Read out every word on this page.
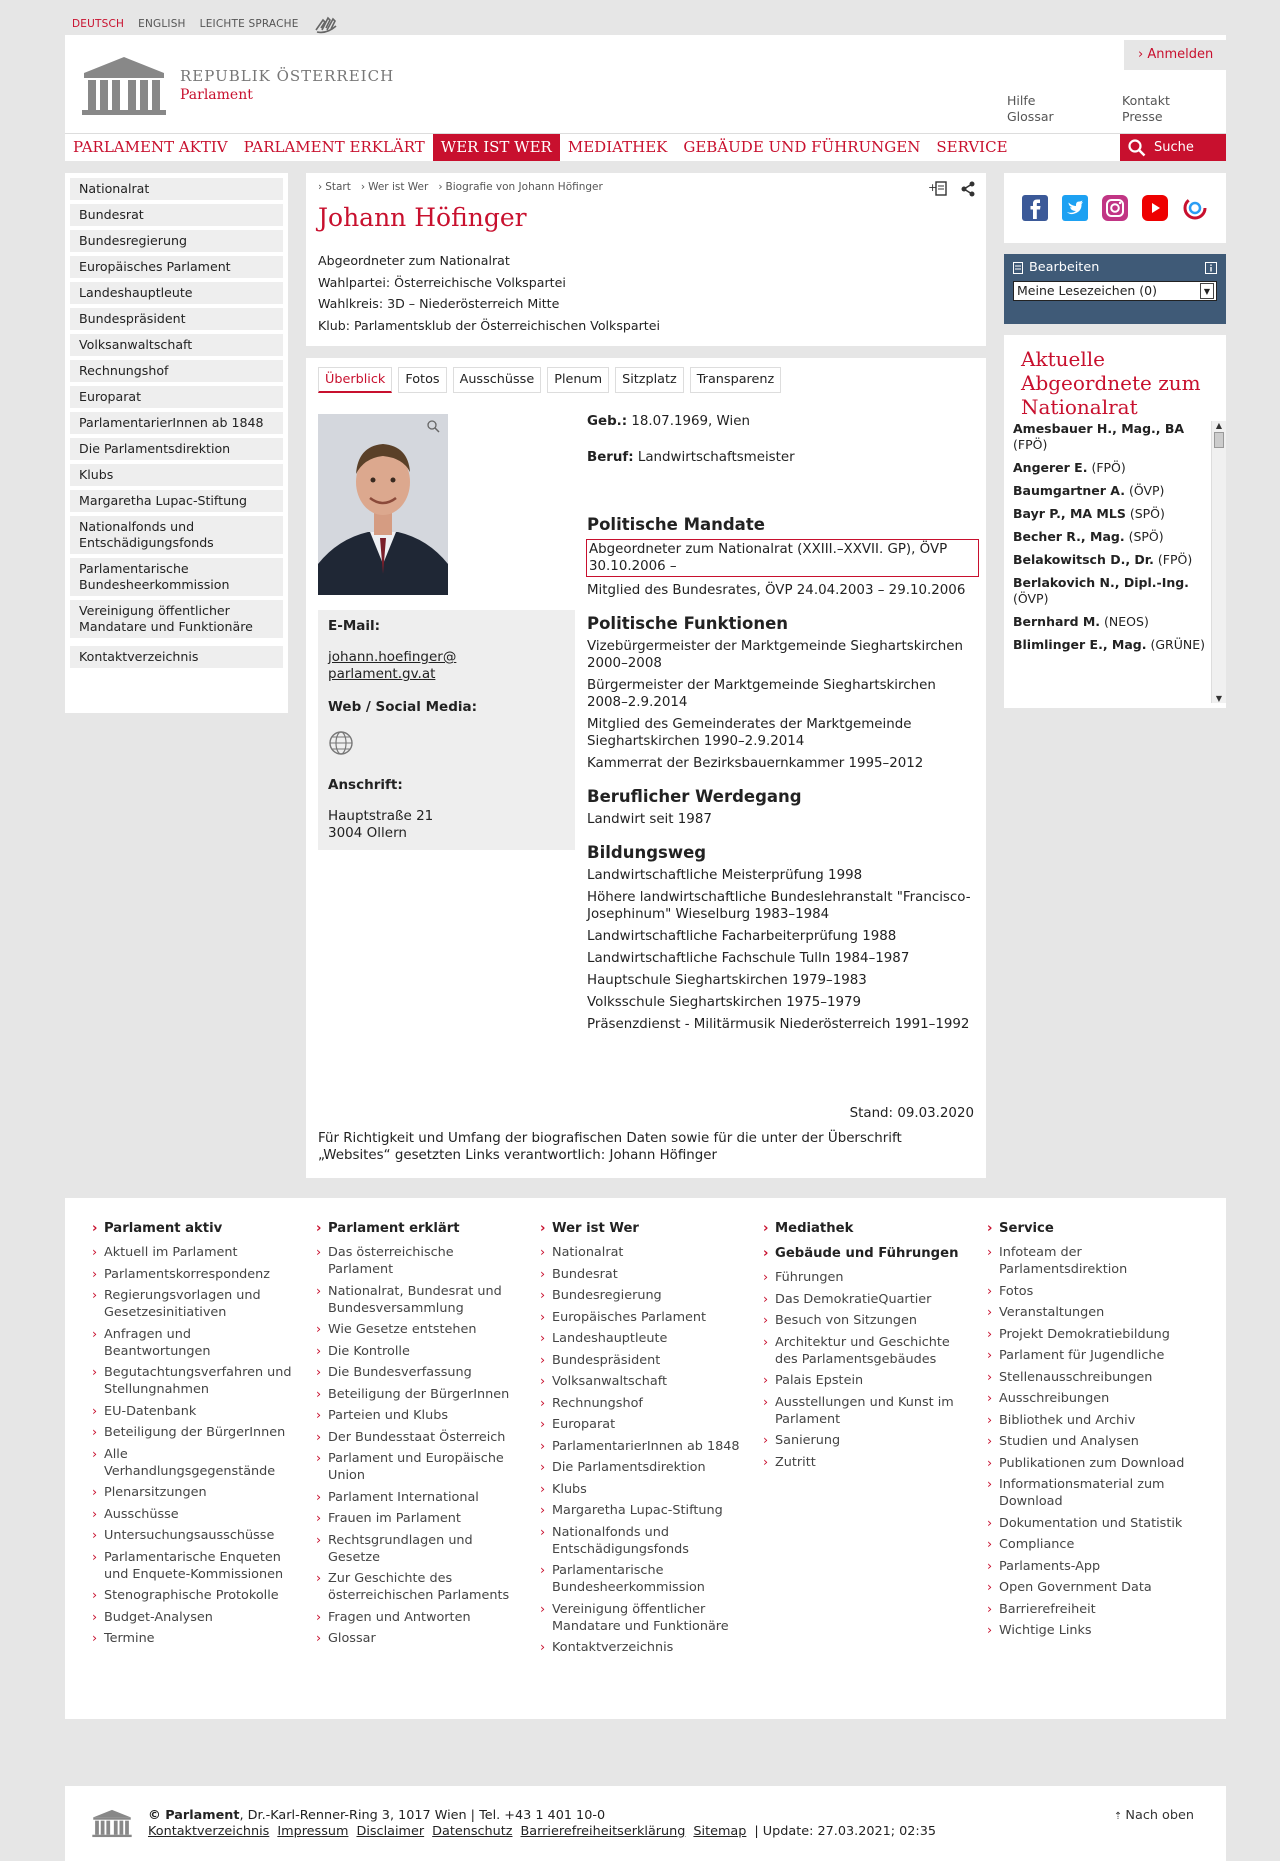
DEUTSCH ENGLISH LEICHTE SPRACHE
REPUBLIK ÖSTERREICH
Parlament
› Anmelden
Hilfe
Glossar
Kontakt
Presse
PARLAMENT AKTIV	PARLAMENT ERKLÄRT	WER IST WER	MEDIATHEK	GEBÄUDE UND FÜHRUNGEN	SERVICE	Suche
Nationalrat
Bundesrat
Bundesregierung
Europäisches Parlament
Landeshauptleute
Bundespräsident
Volksanwaltschaft
Rechnungshof
Europarat
ParlamentarierInnen ab 1848
Die Parlamentsdirektion
Klubs
Margaretha Lupac-Stiftung
Nationalfonds und Entschädigungsfonds
Parlamentarische Bundesheerkommission
Vereinigung öffentlicher Mandatare und Funktionäre
Kontaktverzeichnis
› Start	› Wer ist Wer	› Biografie von Johann Höfinger	+
Johann Höfinger
Abgeordneter zum Nationalrat
Wahlpartei: Österreichische Volkspartei
Wahlkreis: 3D – Niederösterreich Mitte
Klub: Parlamentsklub der Österreichischen Volkspartei
Überblick	Fotos	Ausschüsse	Plenum	Sitzplatz	Transparenz
E-Mail:
johann.hoefinger@
parlament.gv.at
Web / Social Media:
Anschrift:
Hauptstraße 21
3004 Ollern
Geb.: 18.07.1969, Wien
Beruf: Landwirtschaftsmeister
Politische Mandate
Abgeordneter zum Nationalrat (XXIII.–XXVII. GP), ÖVP 30.10.2006 –
Mitglied des Bundesrates, ÖVP 24.04.2003 – 29.10.2006
Politische Funktionen
Vizebürgermeister der Marktgemeinde Sieghartskirchen 2000–2008
Bürgermeister der Marktgemeinde Sieghartskirchen 2008–2.9.2014
Mitglied des Gemeinderates der Marktgemeinde Sieghartskirchen 1990–2.9.2014
Kammerrat der Bezirksbauernkammer 1995–2012
Beruflicher Werdegang
Landwirt seit 1987
Bildungsweg
Landwirtschaftliche Meisterprüfung 1998
Höhere landwirtschaftliche Bundeslehranstalt "Francisco-Josephinum" Wieselburg 1983–1984
Landwirtschaftliche Facharbeiterprüfung 1988
Landwirtschaftliche Fachschule Tulln 1984–1987
Hauptschule Sieghartskirchen 1979–1983
Volksschule Sieghartskirchen 1975–1979
Präsenzdienst - Militärmusik Niederösterreich 1991–1992
Stand: 09.03.2020
Für Richtigkeit und Umfang der biografischen Daten sowie für die unter der Überschrift „Websites“ gesetzten Links verantwortlich: Johann Höfinger
Bearbeiten
Meine Lesezeichen (0)	▼
Aktuelle Abgeordnete zum Nationalrat
Amesbauer H., Mag., BA (FPÖ)
Angerer E. (FPÖ)
Baumgartner A. (ÖVP)
Bayr P., MA MLS (SPÖ)
Becher R., Mag. (SPÖ)
Belakowitsch D., Dr. (FPÖ)
Berlakovich N., Dipl.-Ing. (ÖVP)
Bernhard M. (NEOS)
Blimlinger E., Mag. (GRÜNE)
▲
▼
› Parlament aktiv
› Aktuell im Parlament
› Parlamentskorrespondenz
› Regierungsvorlagen und Gesetzesinitiativen
› Anfragen und Beantwortungen
› Begutachtungsverfahren und Stellungnahmen
› EU-Datenbank
› Beteiligung der BürgerInnen
› Alle Verhandlungsgegenstände
› Plenarsitzungen
› Ausschüsse
› Untersuchungsausschüsse
› Parlamentarische Enqueten und Enquete-Kommissionen
› Stenographische Protokolle
› Budget-Analysen
› Termine
› Parlament erklärt
› Das österreichische Parlament
› Nationalrat, Bundesrat und Bundesversammlung
› Wie Gesetze entstehen
› Die Kontrolle
› Die Bundesverfassung
› Beteiligung der BürgerInnen
› Parteien und Klubs
› Der Bundesstaat Österreich
› Parlament und Europäische Union
› Parlament International
› Frauen im Parlament
› Rechtsgrundlagen und Gesetze
› Zur Geschichte des österreichischen Parlaments
› Fragen und Antworten
› Glossar
› Wer ist Wer
› Nationalrat
› Bundesrat
› Bundesregierung
› Europäisches Parlament
› Landeshauptleute
› Bundespräsident
› Volksanwaltschaft
› Rechnungshof
› Europarat
› ParlamentarierInnen ab 1848
› Die Parlamentsdirektion
› Klubs
› Margaretha Lupac-Stiftung
› Nationalfonds und Entschädigungsfonds
› Parlamentarische Bundesheerkommission
› Vereinigung öffentlicher Mandatare und Funktionäre
› Kontaktverzeichnis
› Mediathek
› Gebäude und Führungen
› Führungen
› Das DemokratieQuartier
› Besuch von Sitzungen
› Architektur und Geschichte des Parlamentsgebäudes
› Palais Epstein
› Ausstellungen und Kunst im Parlament
› Sanierung
› Zutritt
› Service
› Infoteam der Parlamentsdirektion
› Fotos
› Veranstaltungen
› Projekt Demokratiebildung
› Parlament für Jugendliche
› Stellenausschreibungen
› Ausschreibungen
› Bibliothek und Archiv
› Studien und Analysen
› Publikationen zum Download
› Informationsmaterial zum Download
› Dokumentation und Statistik
› Compliance
› Parlaments-App
› Open Government Data
› Barrierefreiheit
› Wichtige Links
© Parlament, Dr.-Karl-Renner-Ring 3, 1017 Wien | Tel. +43 1 401 10-0
Kontaktverzeichnis Impressum Disclaimer Datenschutz Barrierefreiheitserklärung Sitemap | Update: 27.03.2021; 02:35
⇡ Nach oben
